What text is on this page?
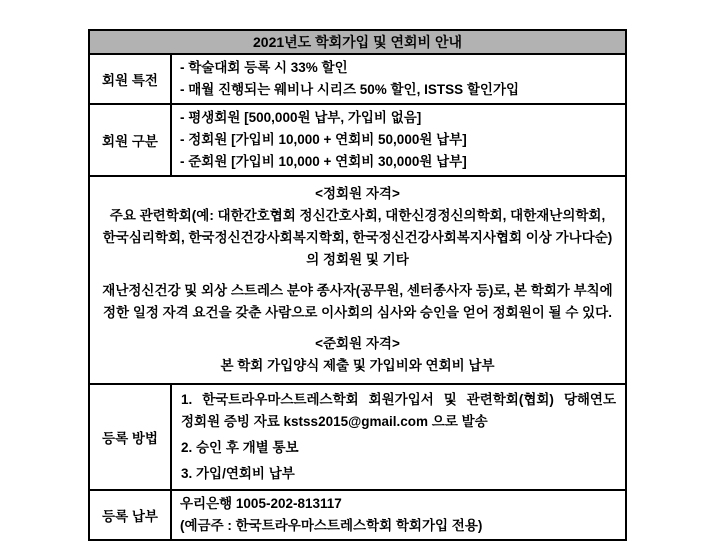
2021년도 학회가입 및 연회비 안내	
회원 특전	- 학술대회 등록 시 33% 할인
- 매월 진행되는 웨비나 시리즈 50% 할인, ISTSS 할인가입

회원 구분	- 평생회원 [500,000원 납부, 가입비 없음]
- 정회원 [가입비 10,000 + 연회비 50,000원 납부]
- 준회원 [가입비 10,000 + 연회비 30,000원 납부]

<정회원 자격>
주요 관련학회(예: 대한간호협회 정신간호사회, 대한신경정신의학회, 대한재난의학회, 한국심리학회, 한국정신건강사회복지학회, 한국정신건강사회복지사협회 이상 가나다순)의 정회원 및 기타
재난정신건강 및 외상 스트레스 분야 종사자(공무원, 센터종사자 등)로, 본 학회가 부칙에 정한 일정 자격 요건을 갖춘 사람으로 이사회의 심사와 승인을 얻어 정회원이 될 수 있다.
<준회원 자격>
본 학회 가입양식 제출 및 가입비와 연회비 납부	

등록 방법	1. 한국트라우마스트레스학회 회원가입서 및 관련학회(협회) 당해연도 정회원 증빙 자료 kstss2015@gmail.com 으로 발송
2. 승인 후 개별 통보
3. 가입/연회비 납부

등록 납부	우리은행 1005-202-813117
(예금주 : 한국트라우마스트레스학회 학회가입 전용)
